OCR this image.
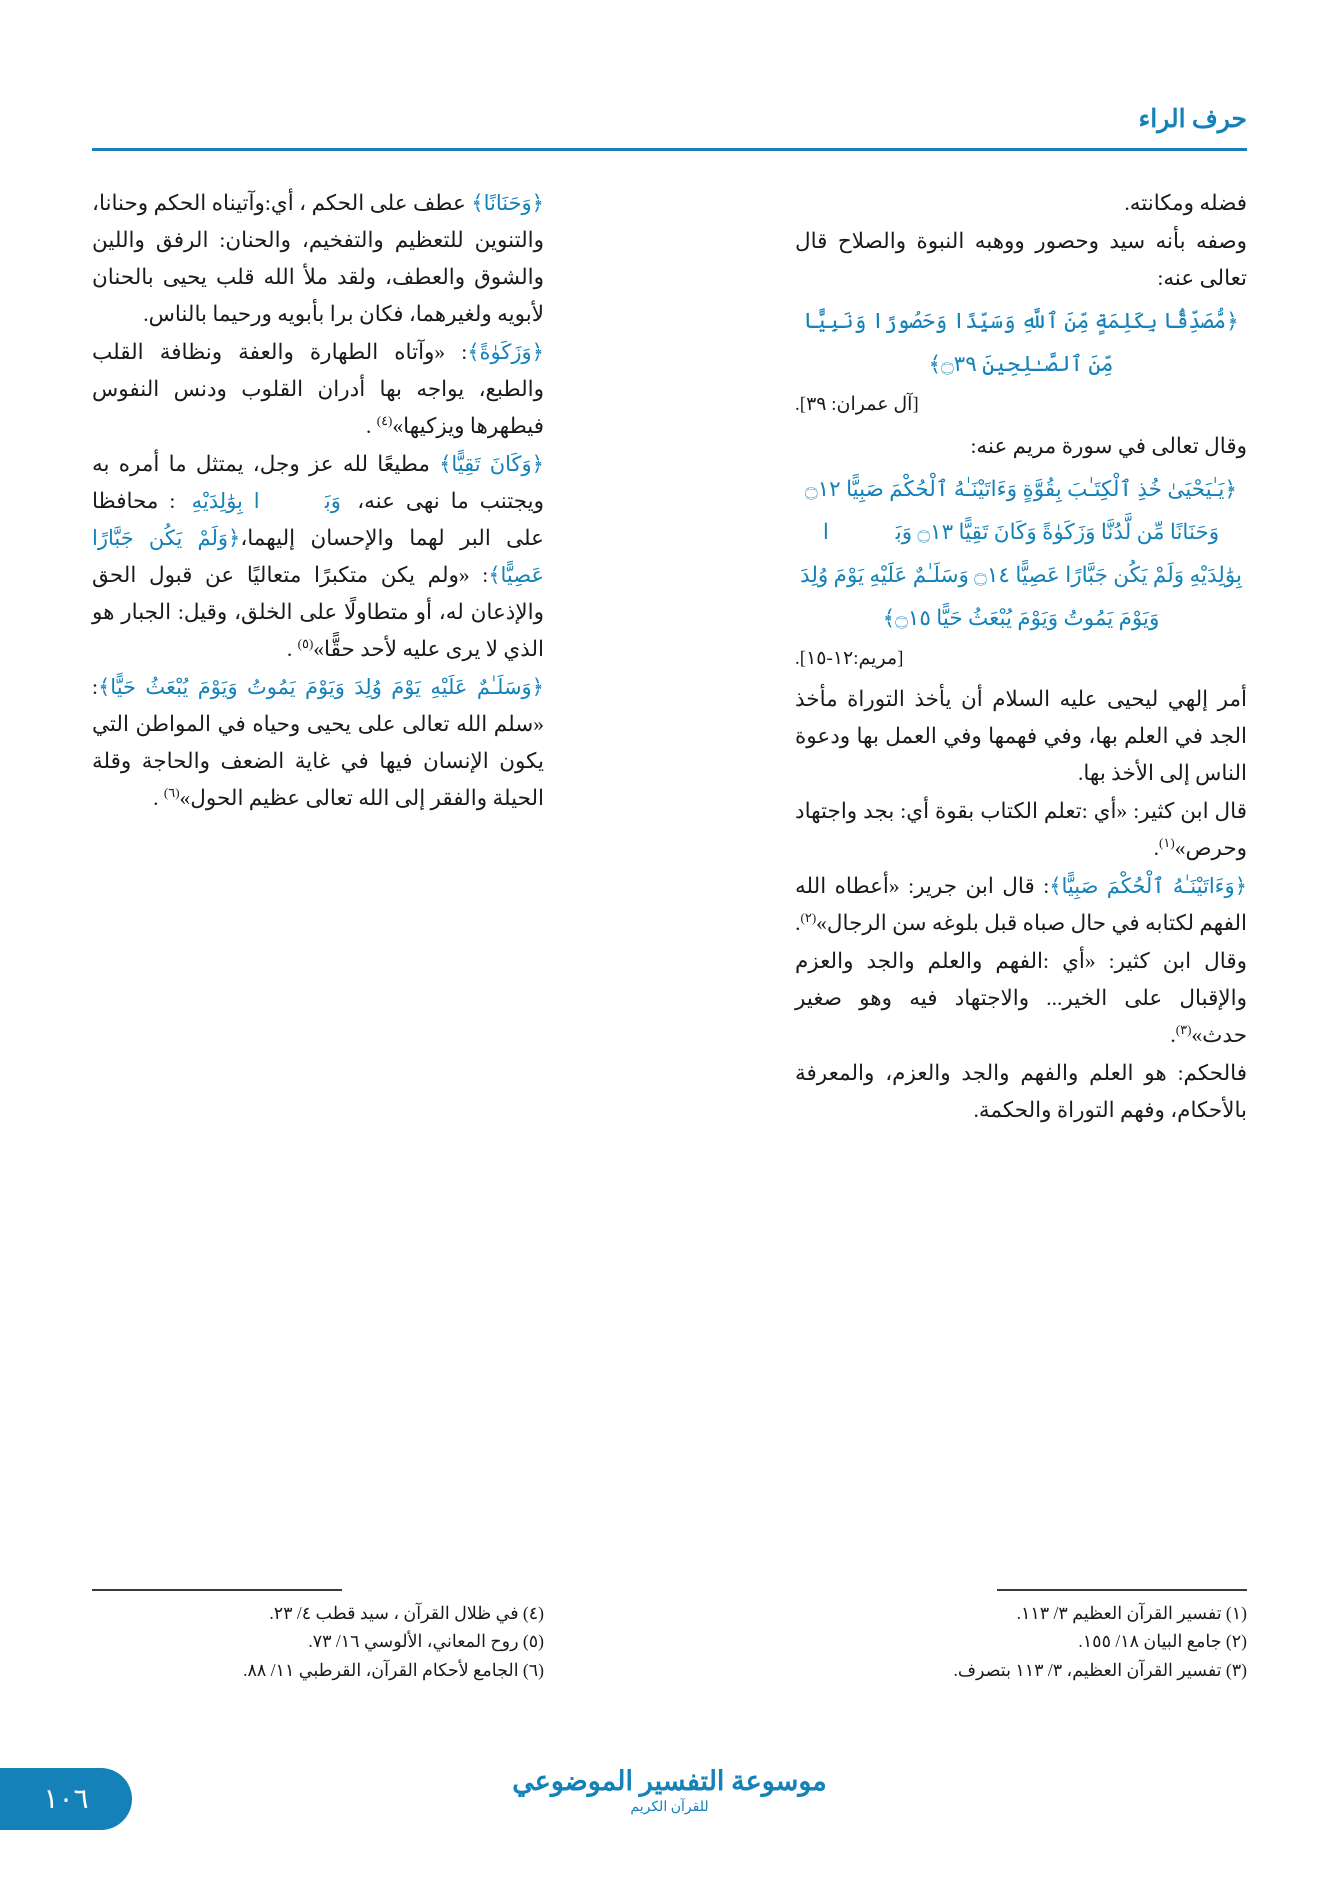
حرف الراء

فضله ومكانته.

وصفه بأنه سيد وحصور ووهبه النبوة والصلاح قال تعالى عنه:

﴿مُّصَدِّقًۢا بِكَلِمَةٍ مِّنَ ٱللَّهِ وَسَيِّدًا وَحَصُورًا وَنَبِيًّا مِّنَ ٱلصَّـٰلِحِينَ ۝٣٩﴾
[آل عمران: ٣٩].

وقال تعالى في سورة مريم عنه:

﴿يَـٰيَحْيَىٰ خُذِ ٱلْكِتَـٰبَ بِقُوَّةٍ وَءَاتَيْنَـٰهُ ٱلْحُكْمَ صَبِيًّا ۝١٢ وَحَنَانًا مِّن لَّدُنَّا وَزَكَوٰةً وَكَانَ تَقِيًّا ۝١٣ وَبَرًّۢا بِوَٰلِدَيْهِ وَلَمْ يَكُن جَبَّارًا عَصِيًّا ۝١٤ وَسَلَـٰمٌ عَلَيْهِ يَوْمَ وُلِدَ وَيَوْمَ يَمُوتُ وَيَوْمَ يُبْعَثُ حَيًّا ۝١٥﴾
[مريم:١٢-١٥].

أمر إلهي ليحيى عليه السلام أن يأخذ التوراة مأخذ الجد في العلم بها، وفي فهمها وفي العمل بها ودعوة الناس إلى الأخذ بها.

قال ابن كثير: «أي :تعلم الكتاب بقوة أي: بجد واجتهاد وحرص»$^{(١)}$.

﴿وَءَاتَيْنَـٰهُ ٱلْحُكْمَ صَبِيًّا﴾: قال ابن جرير: «أعطاه الله الفهم لكتابه في حال صباه قبل بلوغه سن الرجال»$^{(٢)}$.

وقال ابن كثير: «أي :الفهم والعلم والجد والعزم والإقبال على الخير... والاجتهاد فيه وهو صغير حدث»$^{(٣)}$.

فالحكم: هو العلم والفهم والجد والعزم، والمعرفة بالأحكام، وفهم التوراة والحكمة.

﴿وَحَنَانًا﴾ عطف على الحكم ، أي:وآتيناه الحكم وحنانا، والتنوين للتعظيم والتفخيم، والحنان: الرفق واللين والشوق والعطف، ولقد ملأ الله قلب يحيى بالحنان لأبويه ولغيرهما، فكان برا بأبويه ورحيما بالناس.

﴿وَزَكَوٰةً﴾: «وآتاه الطهارة والعفة ونظافة القلب والطبع، يواجه بها أدران القلوب ودنس النفوس فيطهرها ويزكيها»$^{(٤)}$ .

﴿وَكَانَ تَقِيًّا﴾ مطيعًا لله عز وجل، يمتثل ما أمره به ويجتنب ما نهى عنه،﴿وَبَرًّۢا بِوَٰلِدَيْهِ﴾: محافظا على البر لهما والإحسان إليهما،﴿وَلَمْ يَكُن جَبَّارًا عَصِيًّا﴾: «ولم يكن متكبرًا متعاليًا عن قبول الحق والإذعان له، أو متطاولًا على الخلق، وقيل: الجبار هو الذي لا يرى عليه لأحد حقًّا»$^{(٥)}$ .

﴿وَسَلَـٰمٌ عَلَيْهِ يَوْمَ وُلِدَ وَيَوْمَ يَمُوتُ وَيَوْمَ يُبْعَثُ حَيًّا﴾: «سلم الله تعالى على يحيى وحياه في المواطن التي يكون الإنسان فيها في غاية الضعف والحاجة وقلة الحيلة والفقر إلى الله تعالى عظيم الحول»$^{(٦)}$ .

(١) تفسير القرآن العظيم ٣/ ١١٣.
(٢) جامع البيان ١٨/ ١٥٥.
(٣) تفسير القرآن العظيم، ٣/ ١١٣ بتصرف.
(٤) في ظلال القرآن ، سيد قطب ٤/ ٢٣.
(٥) روح المعاني، الألوسي ١٦/ ٧٣.
(٦) الجامع لأحكام القرآن، القرطبي ١١/ ٨٨.
موسوعة التفسير الموضوعي
للقرآن الكريم
١٠٦
